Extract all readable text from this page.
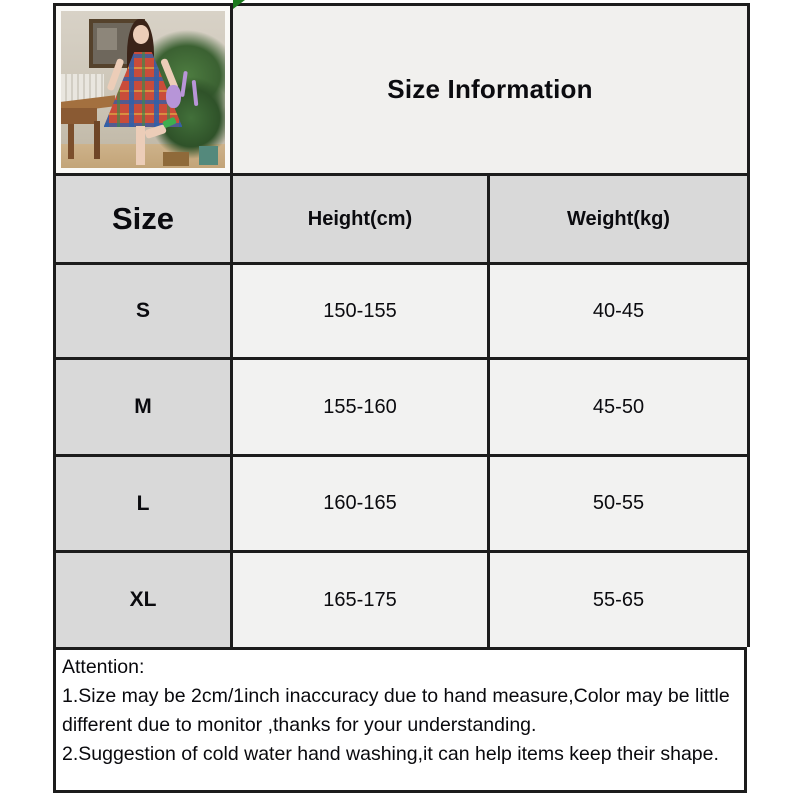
Size Information
Size	Height(cm)	Weight(kg)
S	150-155	40-45
M	155-160	45-50
L	160-165	50-55
XL	165-175	55-65
Attention:
1.Size may be 2cm/1inch inaccuracy due to hand measure,Color may be little different due to monitor ,thanks for your understanding.
2.Suggestion of cold water hand washing,it can help items keep their shape.
